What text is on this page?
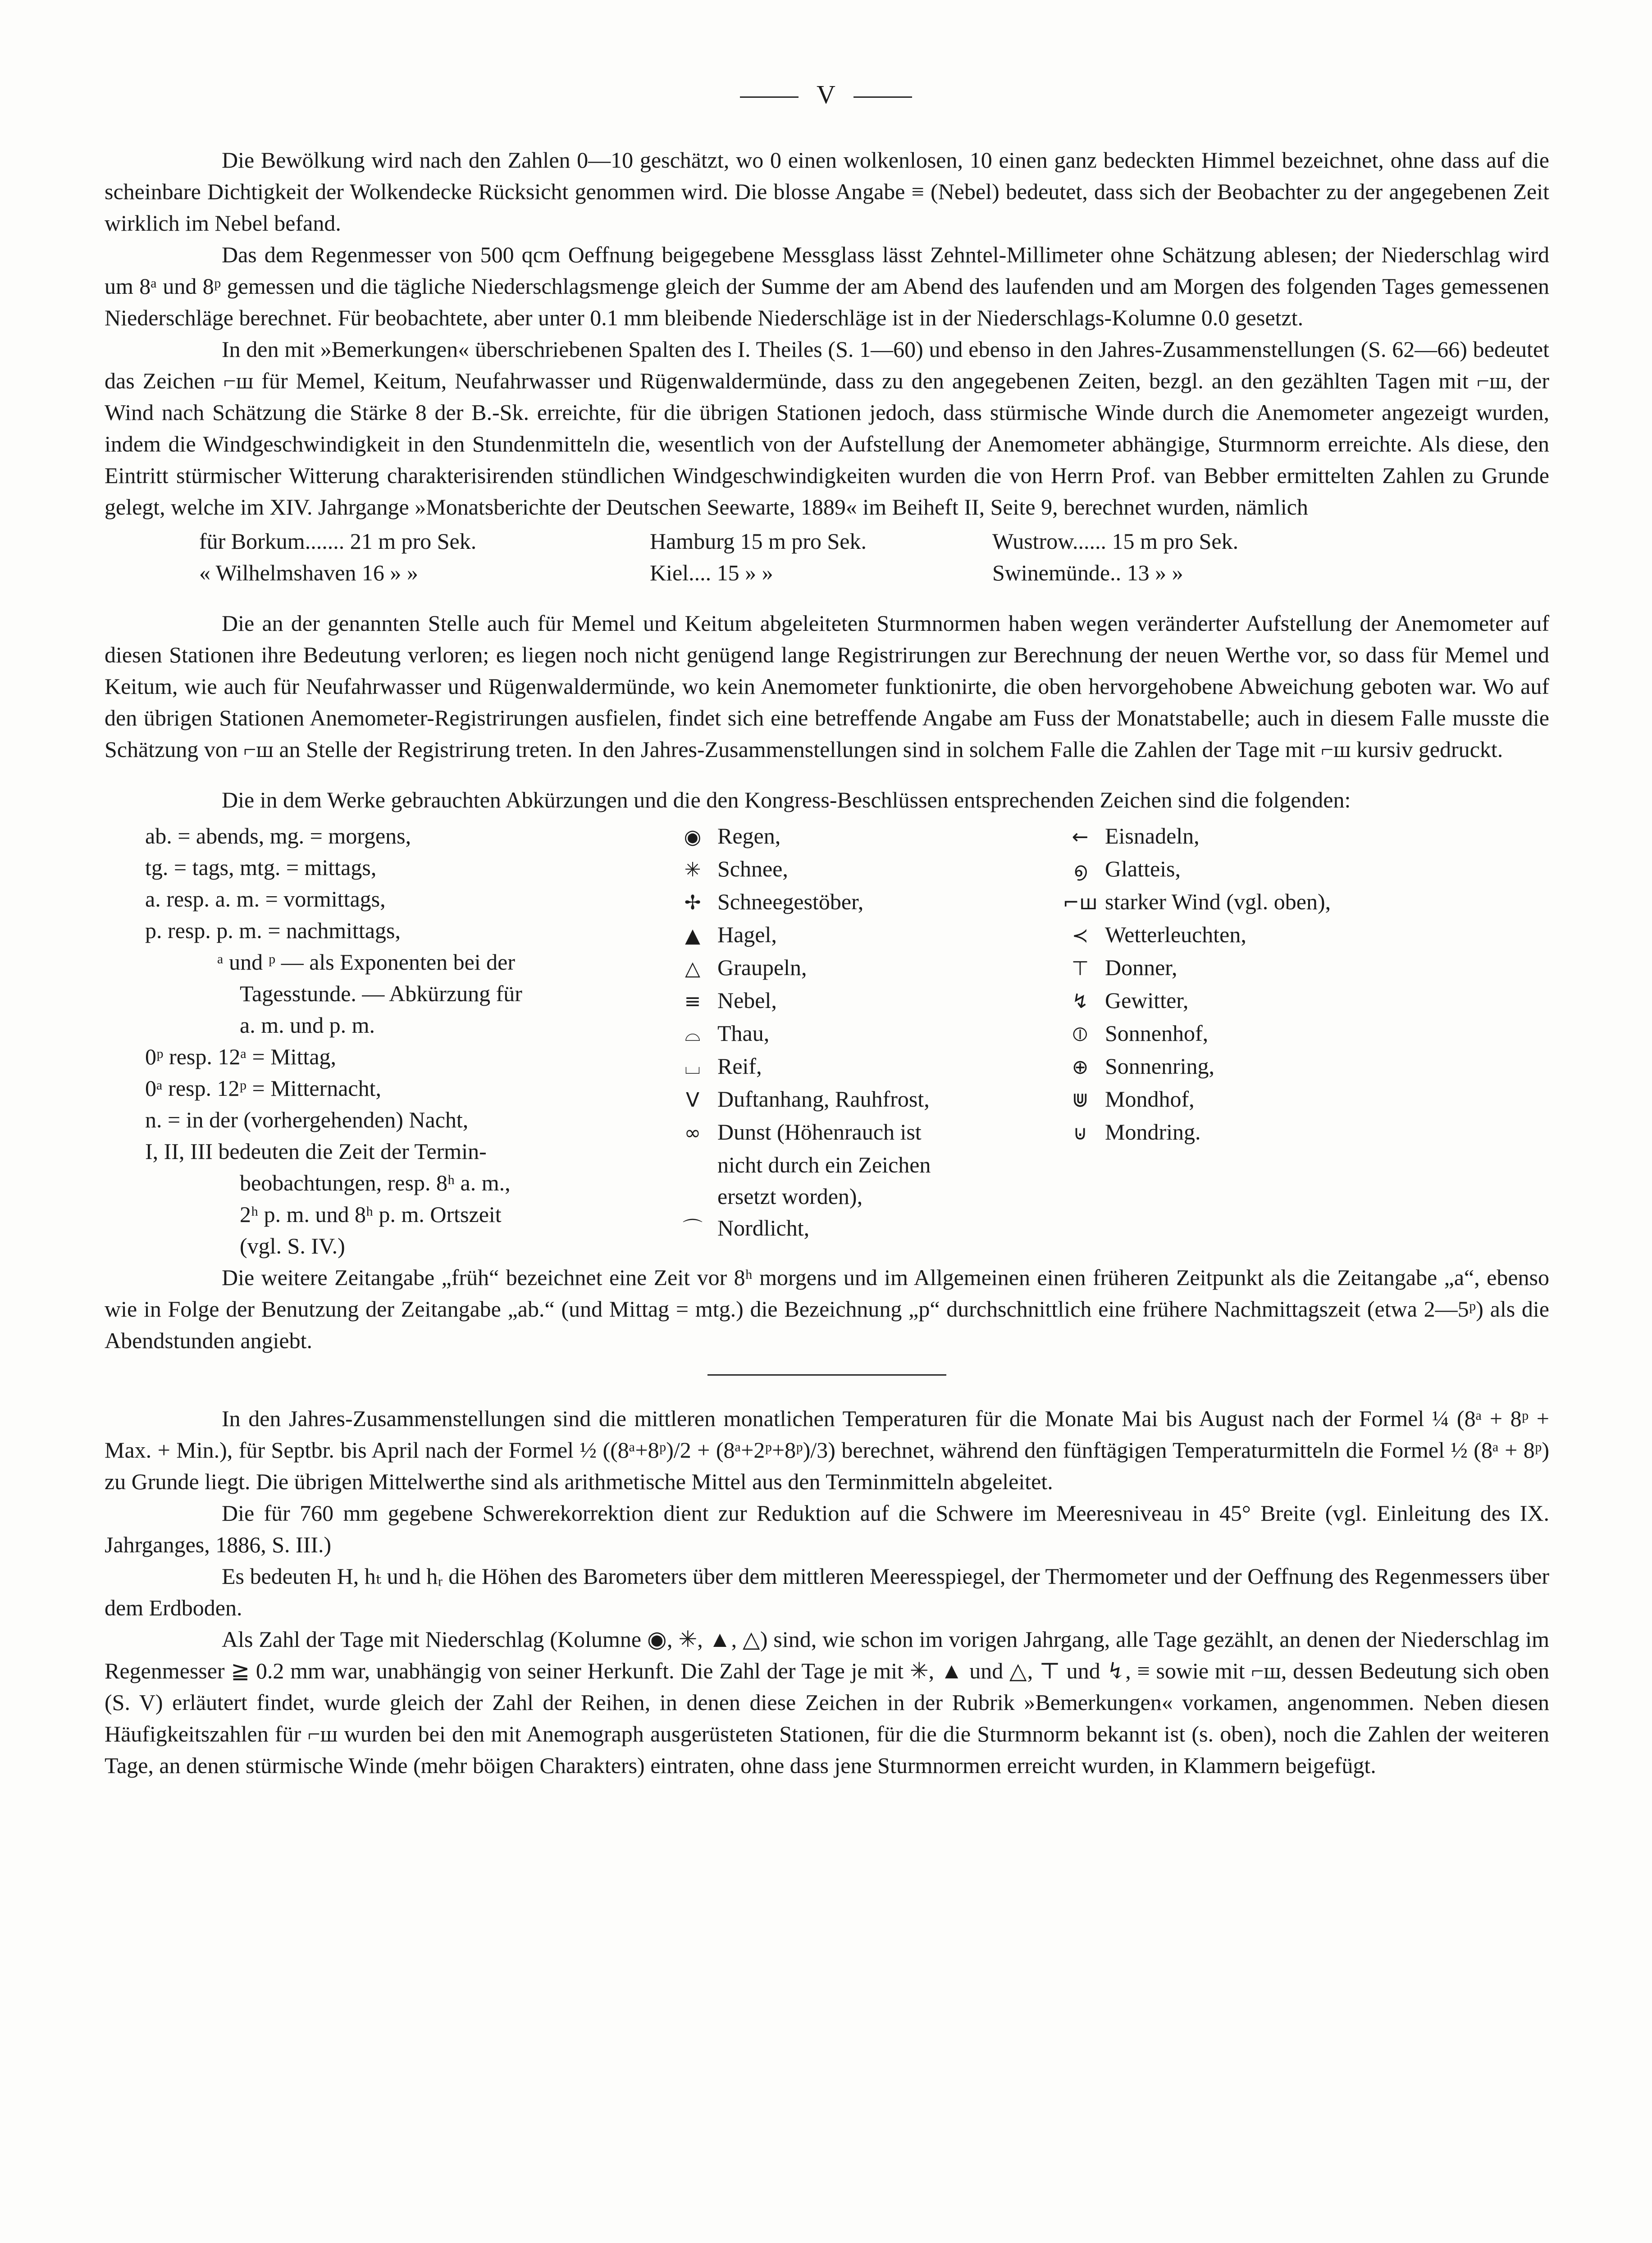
V

Die Bewölkung wird nach den Zahlen 0—10 geschätzt, wo 0 einen wolkenlosen, 10 einen ganz bedeckten Himmel bezeichnet, ohne dass auf die scheinbare Dichtigkeit der Wolkendecke Rücksicht genommen wird. Die blosse Angabe ≡ (Nebel) bedeutet, dass sich der Beobachter zu der angegebenen Zeit wirklich im Nebel befand.

Das dem Regenmesser von 500 qcm Oeffnung beigegebene Messglass lässt Zehntel-Millimeter ohne Schätzung ablesen; der Niederschlag wird um 8ᵃ und 8ᵖ gemessen und die tägliche Niederschlagsmenge gleich der Summe der am Abend des laufenden und am Morgen des folgenden Tages gemessenen Niederschläge berechnet. Für beobachtete, aber unter 0.1 mm bleibende Niederschläge ist in der Niederschlags-Kolumne 0.0 gesetzt.

In den mit »Bemerkungen« überschriebenen Spalten des I. Theiles (S. 1—60) und ebenso in den Jahres-Zusammenstellungen (S. 62—66) bedeutet das Zeichen ⌐ш für Memel, Keitum, Neufahrwasser und Rügenwaldermünde, dass zu den angegebenen Zeiten, bezgl. an den gezählten Tagen mit ⌐ш, der Wind nach Schätzung die Stärke 8 der B.-Sk. erreichte, für die übrigen Stationen jedoch, dass stürmische Winde durch die Anemometer angezeigt wurden, indem die Windgeschwindigkeit in den Stundenmitteln die, wesentlich von der Aufstellung der Anemometer abhängige, Sturmnorm erreichte. Als diese, den Eintritt stürmischer Witterung charakterisirenden stündlichen Windgeschwindigkeiten wurden die von Herrn Prof. van Bebber ermittelten Zahlen zu Grunde gelegt, welche im XIV. Jahrgange »Monatsberichte der Deutschen Seewarte, 1889« im Beiheft II, Seite 9, berechnet wurden, nämlich

für Borkum....... 21 m pro Sek.	Hamburg 15 m pro Sek.	Wustrow...... 15 m pro Sek.
« Wilhelmshaven 16 » »	Kiel.... 15 » »	Swinemünde.. 13 » »

Die an der genannten Stelle auch für Memel und Keitum abgeleiteten Sturmnormen haben wegen veränderter Aufstellung der Anemometer auf diesen Stationen ihre Bedeutung verloren; es liegen noch nicht genügend lange Registrirungen zur Berechnung der neuen Werthe vor, so dass für Memel und Keitum, wie auch für Neufahrwasser und Rügenwaldermünde, wo kein Anemometer funktionirte, die oben hervorgehobene Abweichung geboten war. Wo auf den übrigen Stationen Anemometer-Registrirungen ausfielen, findet sich eine betreffende Angabe am Fuss der Monatstabelle; auch in diesem Falle musste die Schätzung von ⌐ш an Stelle der Registrirung treten. In den Jahres-Zusammenstellungen sind in solchem Falle die Zahlen der Tage mit ⌐ш kursiv gedruckt.

Die in dem Werke gebrauchten Abkürzungen und die den Kongress-Beschlüssen entsprechenden Zeichen sind die folgenden:

ab. = abends, mg. = morgens,
tg. = tags, mtg. = mittags,
a. resp. a. m. = vormittags,
p. resp. p. m. = nachmittags,
ᵃ und ᵖ — als Exponenten bei der
Tagesstunde. — Abkürzung für
a. m. und p. m.
0ᵖ resp. 12ᵃ = Mittag,
0ᵃ resp. 12ᵖ = Mitternacht,
n. = in der (vorhergehenden) Nacht,
I, II, III bedeuten die Zeit der Termin-
beobachtungen, resp. 8ʰ a. m.,
2ʰ p. m. und 8ʰ p. m. Ortszeit
(vgl. S. IV.)
◉ Regen,
✳ Schnee,
✢ Schneegestöber,
▲ Hagel,
△ Graupeln,
≡ Nebel,
⌓ Thau,
⌴ Reif,
V Duftanhang, Rauhfrost,
∞ Dunst (Höhenrauch ist
nicht durch ein Zeichen
ersetzt worden),
⌒ Nordlicht,
← Eisnadeln,
൭ Glatteis,
⌐ш starker Wind (vgl. oben),
≺ Wetterleuchten,
⊤ Donner,
↯ Gewitter,
⦶ Sonnenhof,
⊕ Sonnenring,
⋓ Mondhof,
⊍ Mondring.

Die weitere Zeitangabe „früh“ bezeichnet eine Zeit vor 8ʰ morgens und im Allgemeinen einen früheren Zeitpunkt als die Zeitangabe „a“, ebenso wie in Folge der Benutzung der Zeitangabe „ab.“ (und Mittag = mtg.) die Bezeichnung „p“ durchschnittlich eine frühere Nachmittagszeit (etwa 2—5ᵖ) als die Abendstunden angiebt.

In den Jahres-Zusammenstellungen sind die mittleren monatlichen Temperaturen für die Monate Mai bis August nach der Formel ¼ (8ᵃ + 8ᵖ + Max. + Min.), für Septbr. bis April nach der Formel ½ ((8ᵃ+8ᵖ)/2 + (8ᵃ+2ᵖ+8ᵖ)/3) berechnet, während den fünftägigen Temperaturmitteln die Formel ½ (8ᵃ + 8ᵖ) zu Grunde liegt. Die übrigen Mittelwerthe sind als arithmetische Mittel aus den Terminmitteln abgeleitet.

Die für 760 mm gegebene Schwerekorrektion dient zur Reduktion auf die Schwere im Meeresniveau in 45° Breite (vgl. Einleitung des IX. Jahrganges, 1886, S. III.)

Es bedeuten H, hₜ und hᵣ die Höhen des Barometers über dem mittleren Meeresspiegel, der Thermometer und der Oeffnung des Regenmessers über dem Erdboden.

Als Zahl der Tage mit Niederschlag (Kolumne ◉, ✳, ▲, △) sind, wie schon im vorigen Jahrgang, alle Tage gezählt, an denen der Niederschlag im Regenmesser ≧ 0.2 mm war, unabhängig von seiner Herkunft. Die Zahl der Tage je mit ✳, ▲ und △, ⊤ und ↯, ≡ sowie mit ⌐ш, dessen Bedeutung sich oben (S. V) erläutert findet, wurde gleich der Zahl der Reihen, in denen diese Zeichen in der Rubrik »Bemerkungen« vorkamen, angenommen. Neben diesen Häufigkeitszahlen für ⌐ш wurden bei den mit Anemograph ausgerüsteten Stationen, für die die Sturmnorm bekannt ist (s. oben), noch die Zahlen der weiteren Tage, an denen stürmische Winde (mehr böigen Charakters) eintraten, ohne dass jene Sturmnormen erreicht wurden, in Klammern beigefügt.
